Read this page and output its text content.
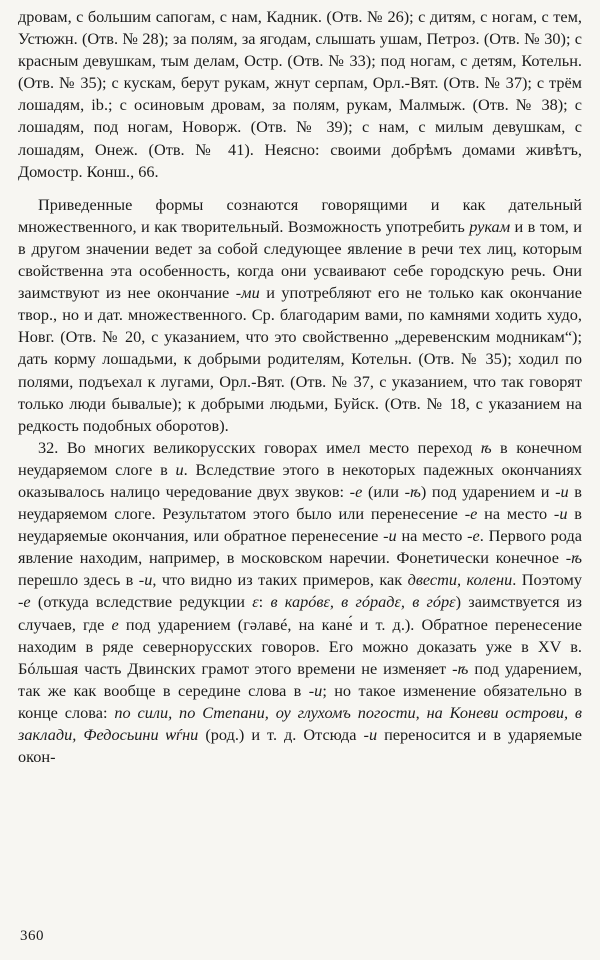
дровам, с большим сапогам, с нам, Кадник. (Отв. № 26); с дитям, с ногам, с тем, Устюжн. (Отв. № 28); за полям, за ягодам, слышать ушам, Петроз. (Отв. № 30); с красным девушкам, тым делам, Остр. (Отв. № 33); под ногам, с детям, Котельн. (Отв. № 35); с кускам, берут рукам, жнут серпам, Орл.-Вят. (Отв. № 37); с трём лошадям, ib.; с осиновым дровам, за полям, рукам, Малмыж. (Отв. № 38); с лошадям, под ногам, Новорж. (Отв. № 39); с нам, с милым девушкам, с лошадям, Онеж. (Отв. № 41). Неясно: своими добрѣмъ домами живѣтъ, Домостр. Конш., 66.

Приведенные формы сознаются говорящими и как дательный множественного, и как творительный. Возможность употребить рукам и в том, и в другом значении ведет за собой следующее явление в речи тех лиц, которым свойственна эта особенность, когда они усваивают себе городскую речь. Они заимствуют из нее окончание -ми и употребляют его не только как окончание твор., но и дат. множественного. Ср. благодарим вами, по камнями ходить худо, Новг. (Отв. № 20, с указанием, что это свойственно „деревенским модникам“); дать корму лошадьми, к добрыми родителям, Котельн. (Отв. № 35); ходил по полями, подъехал к лугами, Орл.-Вят. (Отв. № 37, с указанием, что так говорят только люди бывалые); к добрыми людьми, Буйск. (Отв. № 18, с указанием на редкость подобных оборотов).

32. Во многих великорусских говорах имел место переход ѣ в конечном неударяемом слоге в и. Вследствие этого в некоторых падежных окончаниях оказывалось налицо чередование двух звуков: -е (или -ѣ) под ударением и -и в неударяемом слоге. Результатом этого было или перенесение -е на место -и в неударяемые окончания, или обратное перенесение -и на место -е. Первого рода явление находим, например, в московском наречии. Фонетически конечное -ѣ перешло здесь в -и, что видно из таких примеров, как двести, колени. Поэтому -е (откуда вследствие редукции ɛ: в карóвɛ, в гóрадɛ, в гóрɛ) заимствуется из случаев, где е под ударением (гәлавé, на кане́ и т. д.). Обратное перенесение находим в ряде севернорусских говоров. Его можно доказать уже в XV в. Бóльшая часть Двинских грамот этого времени не изменяет -ѣ под ударением, так же как вообще в середине слова в -и; но такое изменение обязательно в конце слова: по сили, по Степани, оу глухомъ погости, на Коневи острови, в заклади, Федосьини ѡѓни (род.) и т. д. Отсюда -и переносится и в ударяемые окон-

360
